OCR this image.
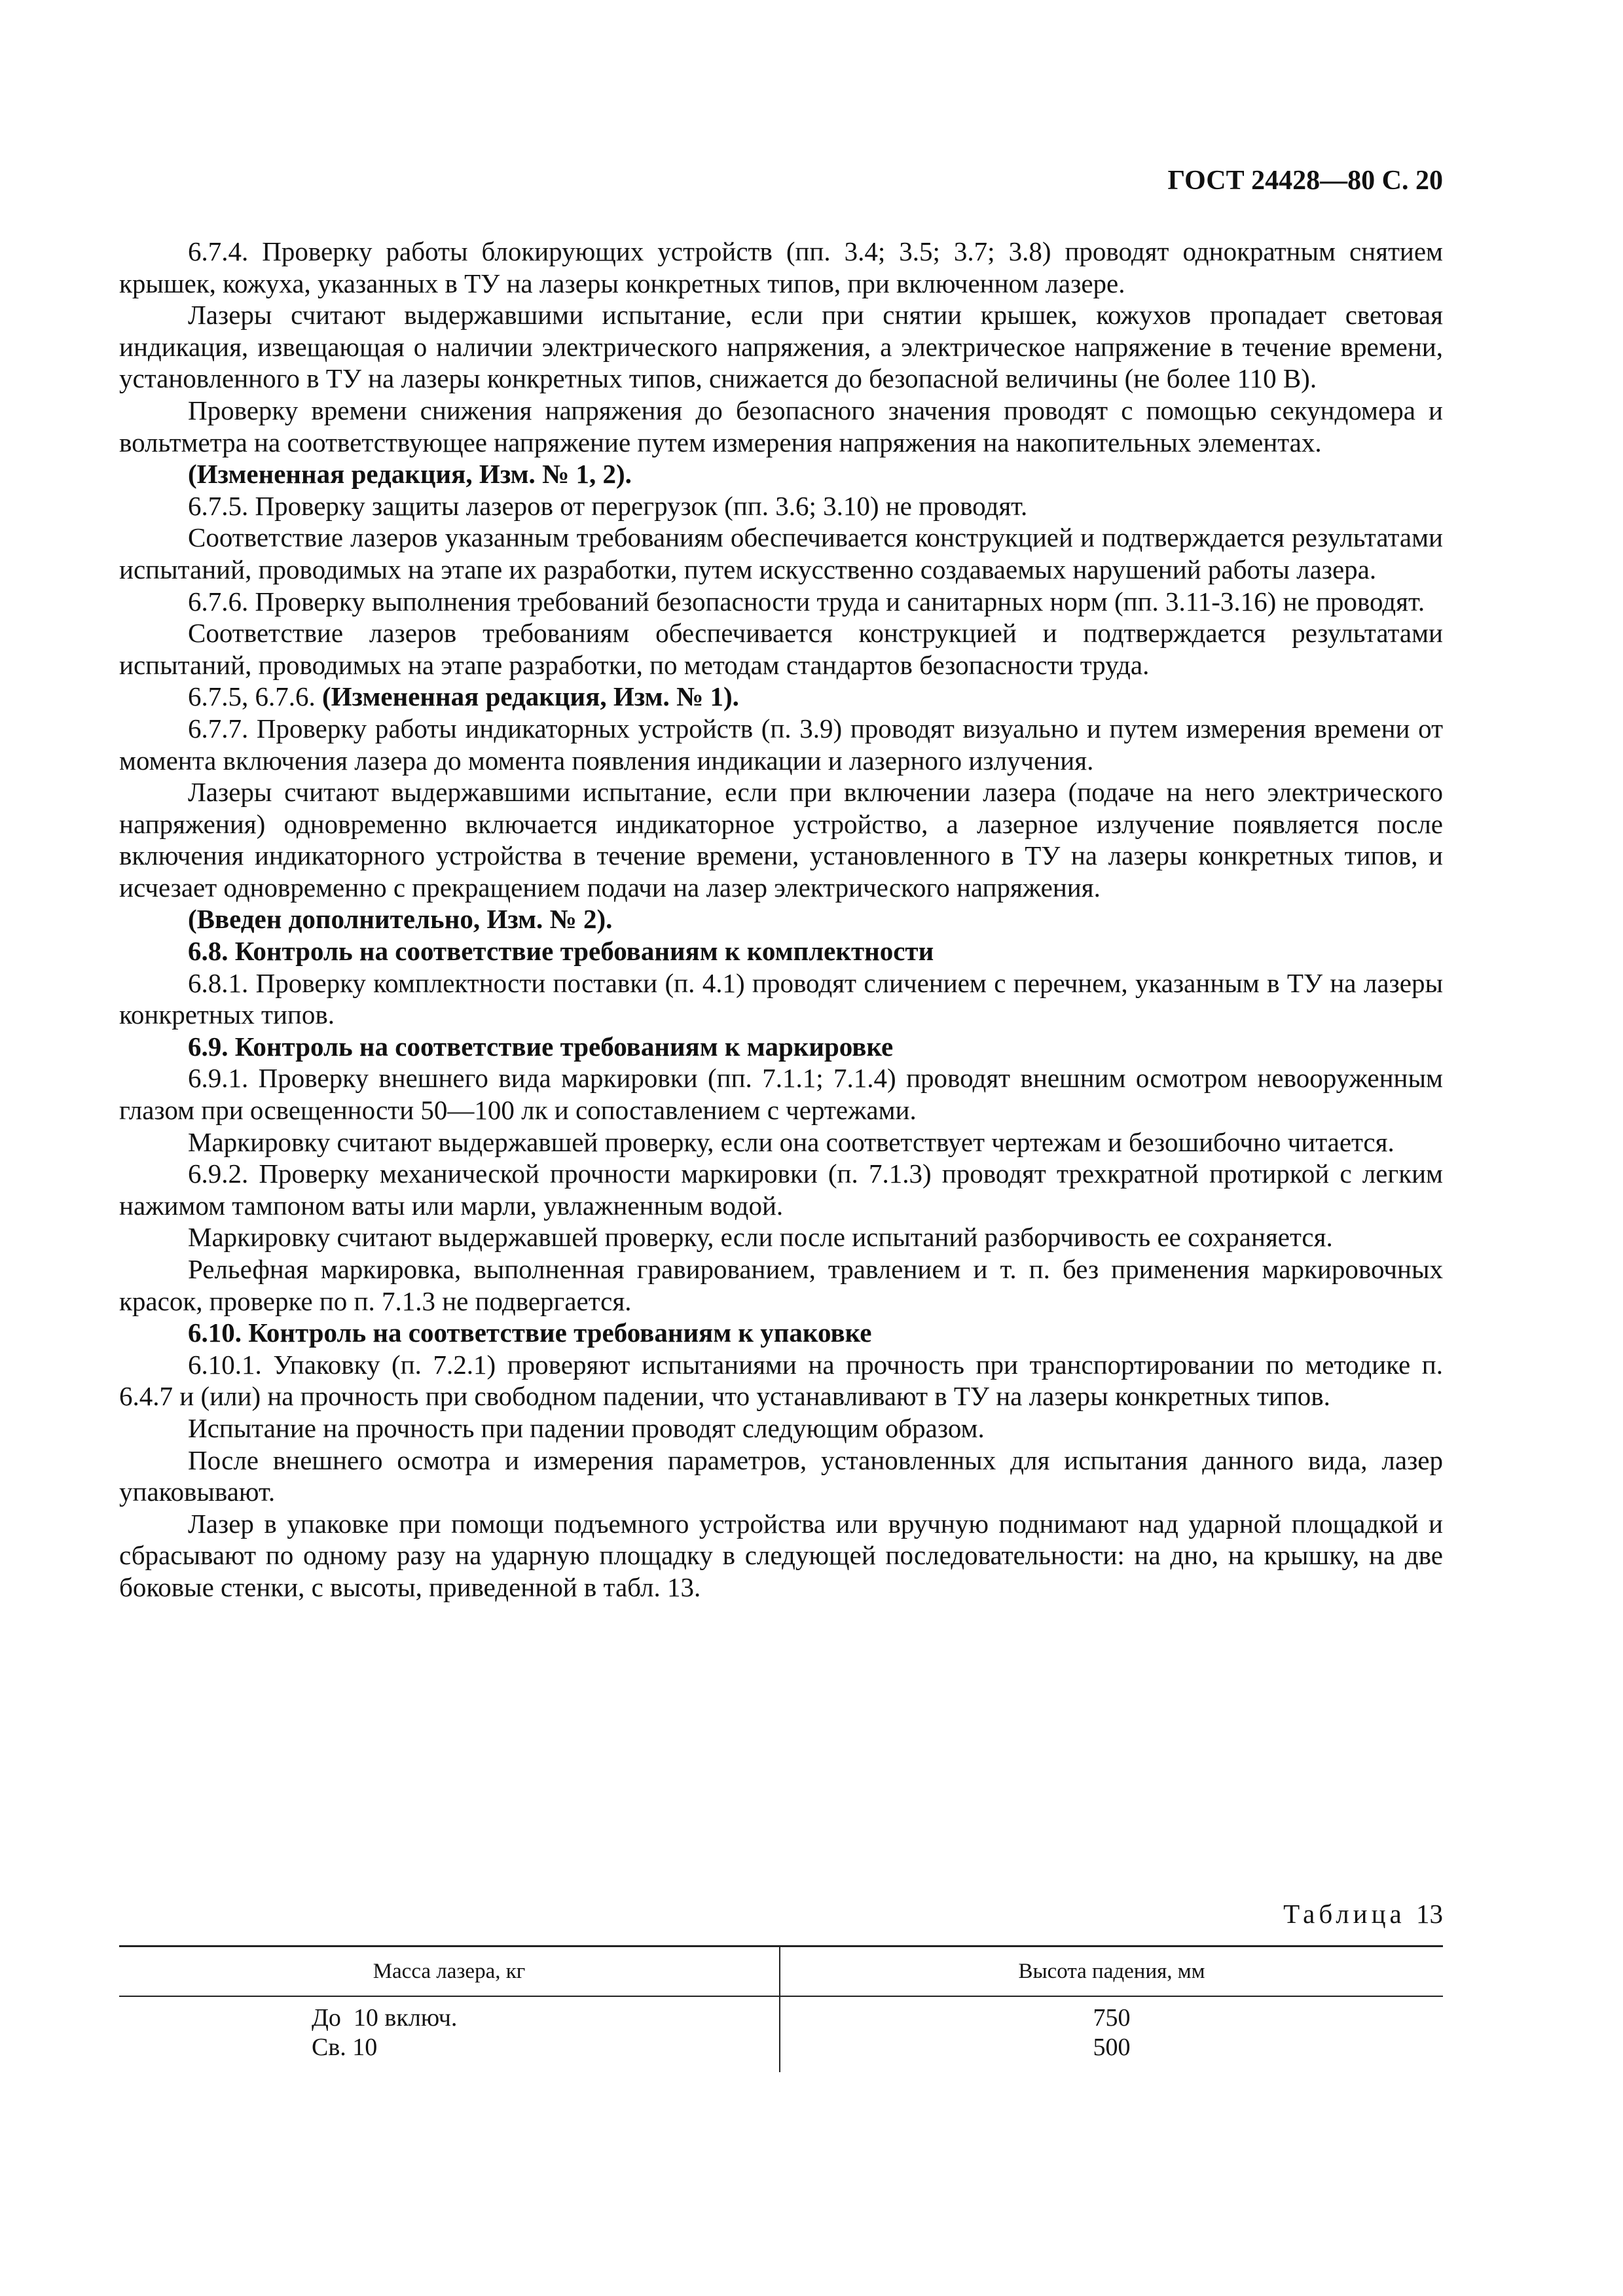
ГОСТ 24428—80 С. 20

6.7.4. Проверку работы блокирующих устройств (пп. 3.4; 3.5; 3.7; 3.8) проводят однократным снятием крышек, кожуха, указанных в ТУ на лазеры конкретных типов, при включенном лазере.

Лазеры считают выдержавшими испытание, если при снятии крышек, кожухов пропадает световая индикация, извещающая о наличии электрического напряжения, а электрическое напряжение в течение времени, установленного в ТУ на лазеры конкретных типов, снижается до безопасной величины (не более 110 В).

Проверку времени снижения напряжения до безопасного значения проводят с помощью секундомера и вольтметра на соответствующее напряжение путем измерения напряжения на накопительных элементах.

(Измененная редакция, Изм. № 1, 2).

6.7.5. Проверку защиты лазеров от перегрузок (пп. 3.6; 3.10) не проводят.

Соответствие лазеров указанным требованиям обеспечивается конструкцией и подтверждается результатами испытаний, проводимых на этапе их разработки, путем искусственно создаваемых нарушений работы лазера.

6.7.6. Проверку выполнения требований безопасности труда и санитарных норм (пп. 3.11-3.16) не проводят.

Соответствие лазеров требованиям обеспечивается конструкцией и подтверждается результатами испытаний, проводимых на этапе разработки, по методам стандартов безопасности труда.

6.7.5, 6.7.6. (Измененная редакция, Изм. № 1).

6.7.7. Проверку работы индикаторных устройств (п. 3.9) проводят визуально и путем измерения времени от момента включения лазера до момента появления индикации и лазерного излучения.

Лазеры считают выдержавшими испытание, если при включении лазера (подаче на него электрического напряжения) одновременно включается индикаторное устройство, а лазерное излучение появляется после включения индикаторного устройства в течение времени, установленного в ТУ на лазеры конкретных типов, и исчезает одновременно с прекращением подачи на лазер электрического напряжения.

(Введен дополнительно, Изм. № 2).

6.8. Контроль на соответствие требованиям к комплектности

6.8.1. Проверку комплектности поставки (п. 4.1) проводят сличением с перечнем, указанным в ТУ на лазеры конкретных типов.

6.9. Контроль на соответствие требованиям к маркировке

6.9.1. Проверку внешнего вида маркировки (пп. 7.1.1; 7.1.4) проводят внешним осмотром невооруженным глазом при освещенности 50—100 лк и сопоставлением с чертежами.

Маркировку считают выдержавшей проверку, если она соответствует чертежам и безошибочно читается.

6.9.2. Проверку механической прочности маркировки (п. 7.1.3) проводят трехкратной протиркой с легким нажимом тампоном ваты или марли, увлажненным водой.

Маркировку считают выдержавшей проверку, если после испытаний разборчивость ее сохраняется.

Рельефная маркировка, выполненная гравированием, травлением и т. п. без применения маркировочных красок, проверке по п. 7.1.3 не подвергается.

6.10. Контроль на соответствие требованиям к упаковке

6.10.1. Упаковку (п. 7.2.1) проверяют испытаниями на прочность при транспортировании по методике п. 6.4.7 и (или) на прочность при свободном падении, что устанавливают в ТУ на лазеры конкретных типов.

Испытание на прочность при падении проводят следующим образом.

После внешнего осмотра и измерения параметров, установленных для испытания данного вида, лазер упаковывают.

Лазер в упаковке при помощи подъемного устройства или вручную поднимают над ударной площадкой и сбрасывают по одному разу на ударную площадку в следующей последовательности: на дно, на крышку, на две боковые стенки, с высоты, приведенной в табл. 13.

Таблица 13
Масса лазера, кг	Высота падения, мм
До  10 включ.
Св. 10
750
500
